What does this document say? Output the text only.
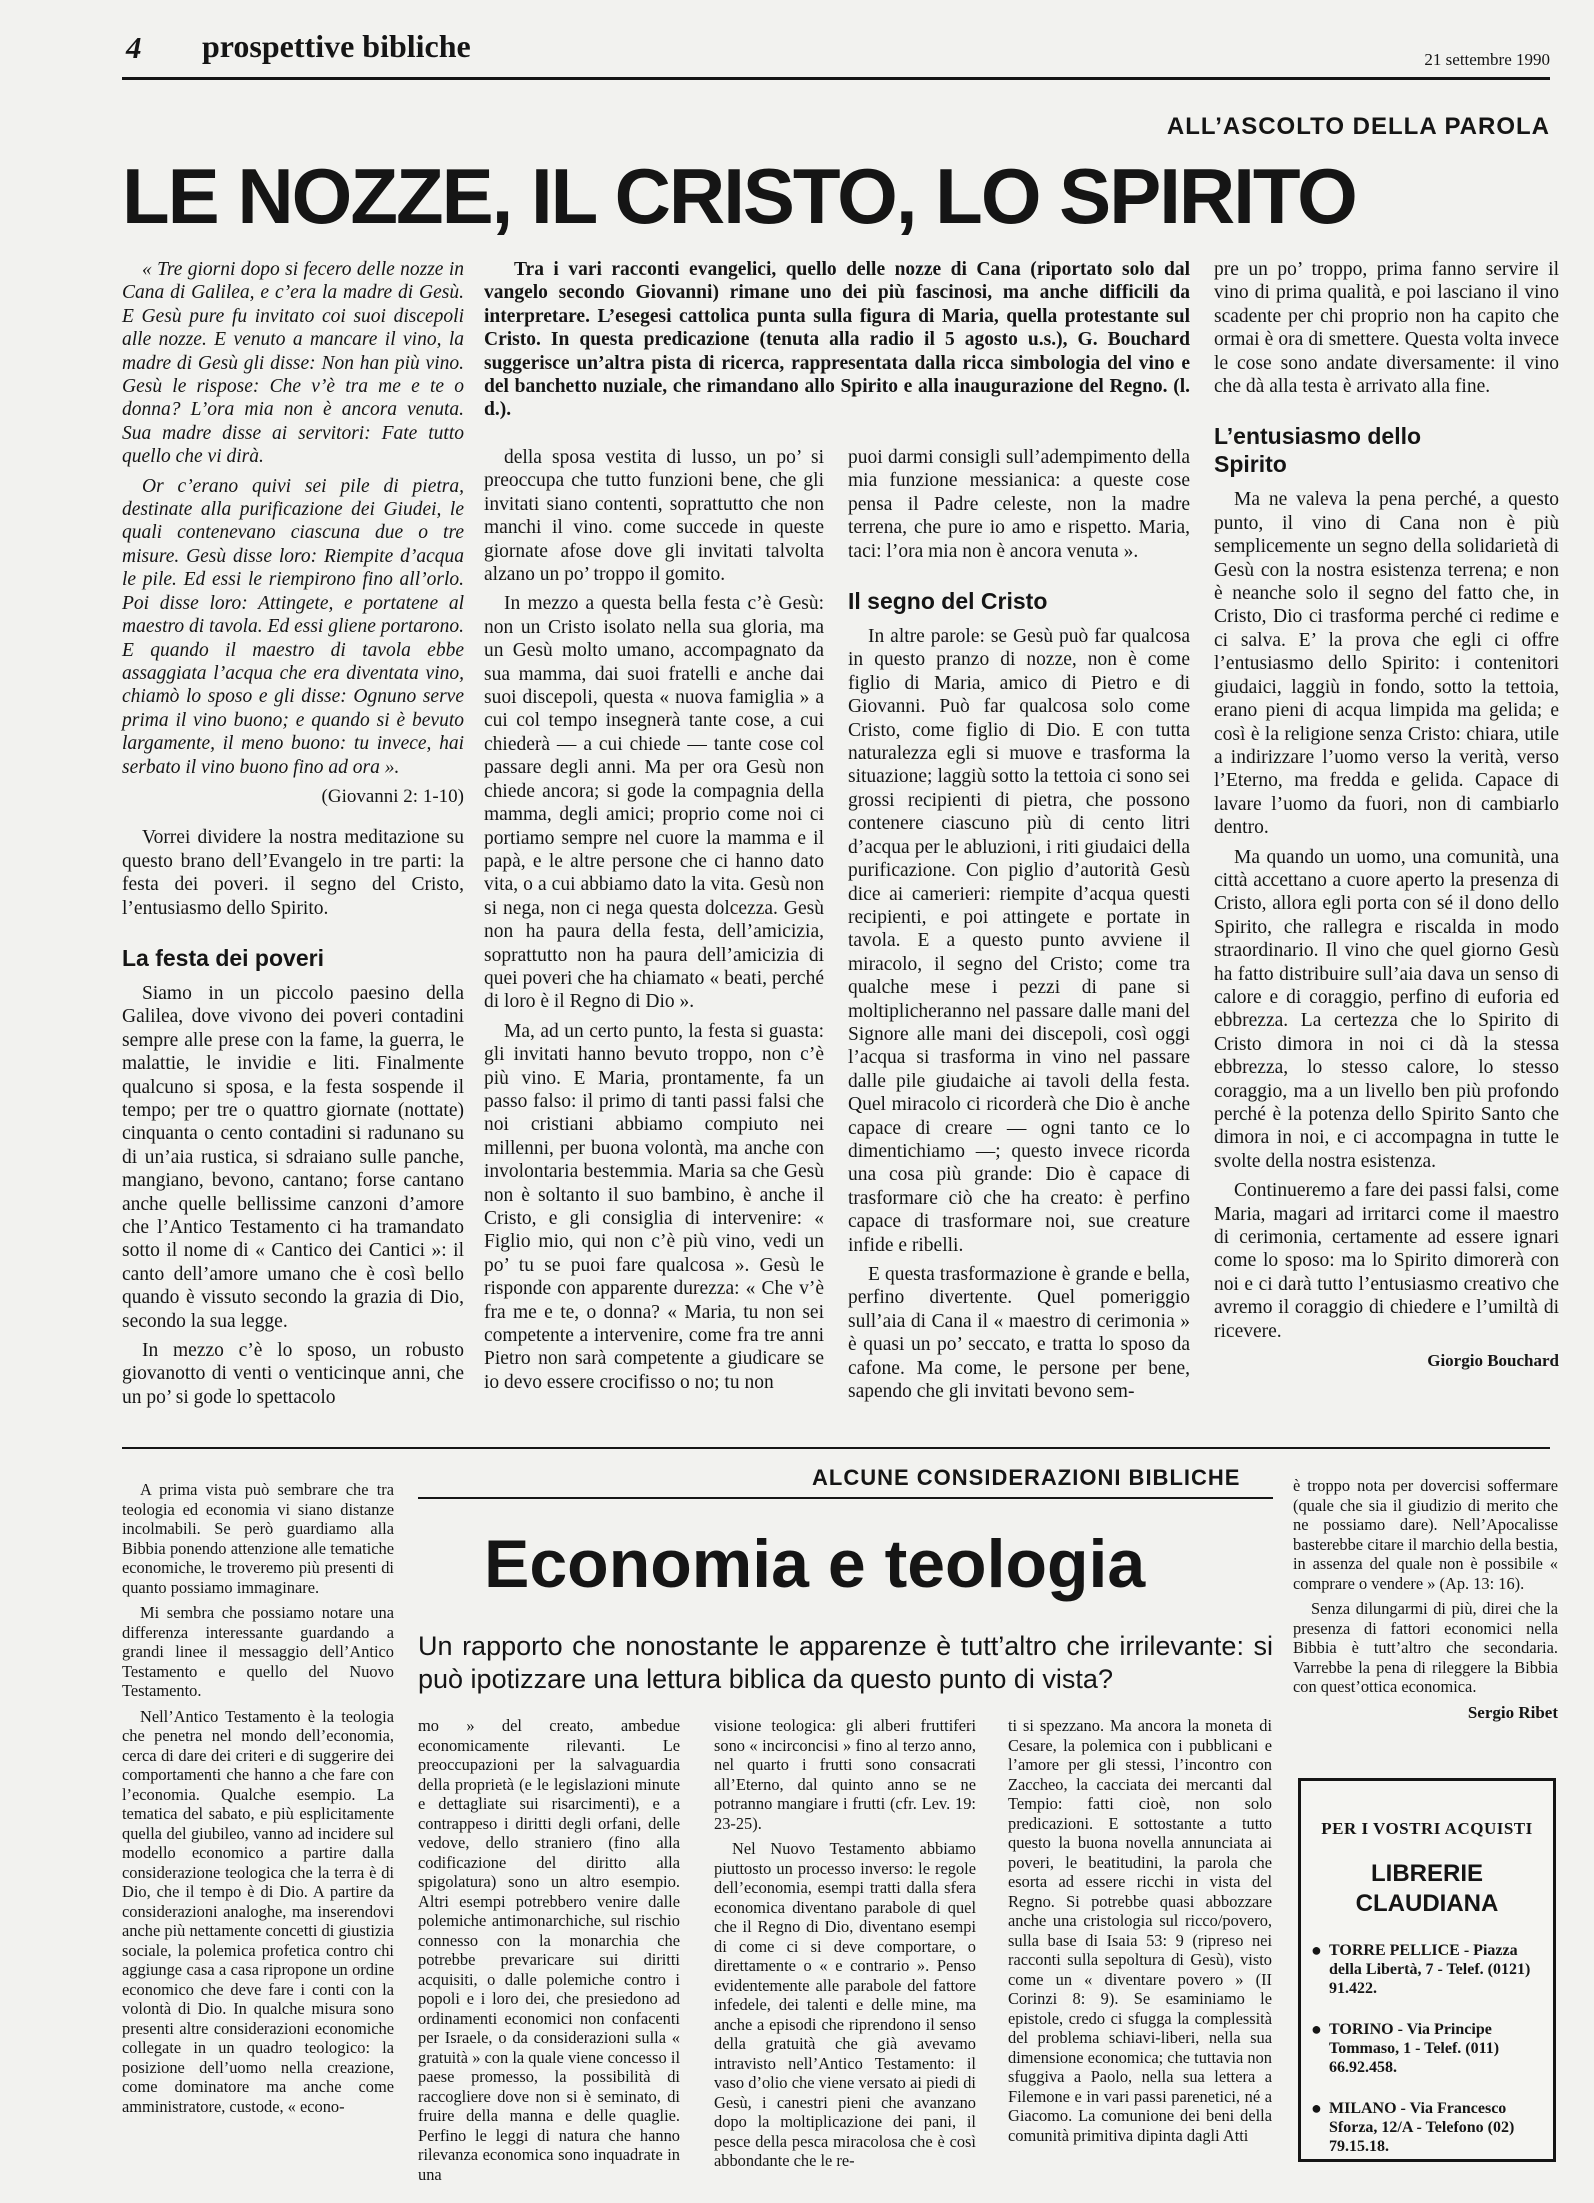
4 prospettive bibliche	21 settembre 1990
ALL’ASCOLTO DELLA PAROLA
LE NOZZE, IL CRISTO, LO SPIRITO

« Tre giorni dopo si fecero delle nozze in Cana di Galilea, e c’era la madre di Gesù. E Gesù pure fu invitato coi suoi discepoli alle nozze. E venuto a mancare il vino, la madre di Gesù gli disse: Non han più vino. Gesù le rispose: Che v’è tra me e te o donna? L’ora mia non è ancora venuta. Sua madre disse ai servitori: Fate tutto quello che vi dirà.

Or c’erano quivi sei pile di pietra, destinate alla purificazione dei Giudei, le quali contenevano ciascuna due o tre misure. Gesù disse loro: Riempite d’acqua le pile. Ed essi le riempirono fino all’orlo. Poi disse loro: Attingete, e portatene al maestro di tavola. Ed essi gliene portarono. E quando il maestro di tavola ebbe assaggiata l’acqua che era diventata vino, chiamò lo sposo e gli disse: Ognuno serve prima il vino buono; e quando si è bevuto largamente, il meno buono: tu invece, hai serbato il vino buono fino ad ora ».

(Giovanni 2: 1-10)

Vorrei dividere la nostra meditazione su questo brano dell’Evangelo in tre parti: la festa dei poveri. il segno del Cristo, l’entusiasmo dello Spirito.

La festa dei poveri

Siamo in un piccolo paesino della Galilea, dove vivono dei poveri contadini sempre alle prese con la fame, la guerra, le malattie, le invidie e liti. Finalmente qualcuno si sposa, e la festa sospende il tempo; per tre o quattro giornate (nottate) cinquanta o cento contadini si radunano su di un’aia rustica, si sdraiano sulle panche, mangiano, bevono, cantano; forse cantano anche quelle bellissime canzoni d’amore che l’Antico Testamento ci ha tramandato sotto il nome di « Cantico dei Cantici »: il canto dell’amore umano che è così bello quando è vissuto secondo la grazia di Dio, secondo la sua legge.

In mezzo c’è lo sposo, un robusto giovanotto di venti o venticinque anni, che un po’ si gode lo spettacolo

Tra i vari racconti evangelici, quello delle nozze di Cana (riportato solo dal vangelo secondo Giovanni) rimane uno dei più fascinosi, ma anche difficili da interpretare. L’esegesi cattolica punta sulla figura di Maria, quella protestante sul Cristo. In questa predicazione (tenuta alla radio il 5 agosto u.s.), G. Bouchard suggerisce un’altra pista di ricerca, rappresentata dalla ricca simbologia del vino e del banchetto nuziale, che rimandano allo Spirito e alla inaugurazione del Regno. (l. d.).

della sposa vestita di lusso, un po’ si preoccupa che tutto funzioni bene, che gli invitati siano contenti, soprattutto che non manchi il vino. come succede in queste giornate afose dove gli invitati talvolta alzano un po’ troppo il gomito.

In mezzo a questa bella festa c’è Gesù: non un Cristo isolato nella sua gloria, ma un Gesù molto umano, accompagnato da sua mamma, dai suoi fratelli e anche dai suoi discepoli, questa « nuova famiglia » a cui col tempo insegnerà tante cose, a cui chiederà — a cui chiede — tante cose col passare degli anni. Ma per ora Gesù non chiede ancora; si gode la compagnia della mamma, degli amici; proprio come noi ci portiamo sempre nel cuore la mamma e il papà, e le altre persone che ci hanno dato vita, o a cui abbiamo dato la vita. Gesù non si nega, non ci nega questa dolcezza. Gesù non ha paura della festa, dell’amicizia, soprattutto non ha paura dell’amicizia di quei poveri che ha chiamato « beati, perché di loro è il Regno di Dio ».

Ma, ad un certo punto, la festa si guasta: gli invitati hanno bevuto troppo, non c’è più vino. E Maria, prontamente, fa un passo falso: il primo di tanti passi falsi che noi cristiani abbiamo compiuto nei millenni, per buona volontà, ma anche con involontaria bestemmia. Maria sa che Gesù non è soltanto il suo bambino, è anche il Cristo, e gli consiglia di intervenire: « Figlio mio, qui non c’è più vino, vedi un po’ tu se puoi fare qualcosa ». Gesù le risponde con apparente durezza: « Che v’è fra me e te, o donna? « Maria, tu non sei competente a intervenire, come fra tre anni Pietro non sarà competente a giudicare se io devo essere crocifisso o no; tu non

puoi darmi consigli sull’adempimento della mia funzione messianica: a queste cose pensa il Padre celeste, non la madre terrena, che pure io amo e rispetto. Maria, taci: l’ora mia non è ancora venuta ».

Il segno del Cristo

In altre parole: se Gesù può far qualcosa in questo pranzo di nozze, non è come figlio di Maria, amico di Pietro e di Giovanni. Può far qualcosa solo come Cristo, come figlio di Dio. E con tutta naturalezza egli si muove e trasforma la situazione; laggiù sotto la tettoia ci sono sei grossi recipienti di pietra, che possono contenere ciascuno più di cento litri d’acqua per le abluzioni, i riti giudaici della purificazione. Con piglio d’autorità Gesù dice ai camerieri: riempite d’acqua questi recipienti, e poi attingete e portate in tavola. E a questo punto avviene il miracolo, il segno del Cristo; come tra qualche mese i pezzi di pane si moltiplicheranno nel passare dalle mani del Signore alle mani dei discepoli, così oggi l’acqua si trasforma in vino nel passare dalle pile giudaiche ai tavoli della festa. Quel miracolo ci ricorderà che Dio è anche capace di creare — ogni tanto ce lo dimentichiamo —; questo invece ricorda una cosa più grande: Dio è capace di trasformare ciò che ha creato: è perfino capace di trasformare noi, sue creature infide e ribelli.

E questa trasformazione è grande e bella, perfino divertente. Quel pomeriggio sull’aia di Cana il « maestro di cerimonia » è quasi un po’ seccato, e tratta lo sposo da cafone. Ma come, le persone per bene, sapendo che gli invitati bevono sem-

pre un po’ troppo, prima fanno servire il vino di prima qualità, e poi lasciano il vino scadente per chi proprio non ha capito che ormai è ora di smettere. Questa volta invece le cose sono andate diversamente: il vino che dà alla testa è arrivato alla fine.

L’entusiasmo dello Spirito

Ma ne valeva la pena perché, a questo punto, il vino di Cana non è più semplicemente un segno della solidarietà di Gesù con la nostra esistenza terrena; e non è neanche solo il segno del fatto che, in Cristo, Dio ci trasforma perché ci redime e ci salva. E’ la prova che egli ci offre l’entusiasmo dello Spirito: i contenitori giudaici, laggiù in fondo, sotto la tettoia, erano pieni di acqua limpida ma gelida; e così è la religione senza Cristo: chiara, utile a indirizzare l’uomo verso la verità, verso l’Eterno, ma fredda e gelida. Capace di lavare l’uomo da fuori, non di cambiarlo dentro.

Ma quando un uomo, una comunità, una città accettano a cuore aperto la presenza di Cristo, allora egli porta con sé il dono dello Spirito, che rallegra e riscalda in modo straordinario. Il vino che quel giorno Gesù ha fatto distribuire sull’aia dava un senso di calore e di coraggio, perfino di euforia ed ebbrezza. La certezza che lo Spirito di Cristo dimora in noi ci dà la stessa ebbrezza, lo stesso calore, lo stesso coraggio, ma a un livello ben più profondo perché è la potenza dello Spirito Santo che dimora in noi, e ci accompagna in tutte le svolte della nostra esistenza.

Continueremo a fare dei passi falsi, come Maria, magari ad irritarci come il maestro di cerimonia, certamente ad essere ignari come lo sposo: ma lo Spirito dimorerà con noi e ci darà tutto l’entusiasmo creativo che avremo il coraggio di chiedere e l’umiltà di ricevere.

Giorgio Bouchard
ALCUNE CONSIDERAZIONI BIBLICHE
Economia e teologia
Un rapporto che nonostante le apparenze è tutt’altro che irrilevante: si può ipotizzare una lettura biblica da questo punto di vista?

A prima vista può sembrare che tra teologia ed economia vi siano distanze incolmabili. Se però guardiamo alla Bibbia ponendo attenzione alle tematiche economiche, le troveremo più presenti di quanto possiamo immaginare.

Mi sembra che possiamo notare una differenza interessante guardando a grandi linee il messaggio dell’Antico Testamento e quello del Nuovo Testamento.

Nell’Antico Testamento è la teologia che penetra nel mondo dell’economia, cerca di dare dei criteri e di suggerire dei comportamenti che hanno a che fare con l’economia. Qualche esempio. La tematica del sabato, e più esplicitamente quella del giubileo, vanno ad incidere sul modello economico a partire dalla considerazione teologica che la terra è di Dio, che il tempo è di Dio. A partire da considerazioni analoghe, ma inserendovi anche più nettamente concetti di giustizia sociale, la polemica profetica contro chi aggiunge casa a casa ripropone un ordine economico che deve fare i conti con la volontà di Dio. In qualche misura sono presenti altre considerazioni economiche collegate in un quadro teologico: la posizione dell’uomo nella creazione, come dominatore ma anche come amministratore, custode, « econo-

mo » del creato, ambedue economicamente rilevanti. Le preoccupazioni per la salvaguardia della proprietà (e le legislazioni minute e dettagliate sui risarcimenti), e a contrappeso i diritti degli orfani, delle vedove, dello straniero (fino alla codificazione del diritto alla spigolatura) sono un altro esempio. Altri esempi potrebbero venire dalle polemiche antimonarchiche, sul rischio connesso con la monarchia che potrebbe prevaricare sui diritti acquisiti, o dalle polemiche contro i popoli e i loro dei, che presiedono ad ordinamenti economici non confacenti per Israele, o da considerazioni sulla « gratuità » con la quale viene concesso il paese promesso, la possibilità di raccogliere dove non si è seminato, di fruire della manna e delle quaglie. Perfino le leggi di natura che hanno rilevanza economica sono inquadrate in una

visione teologica: gli alberi fruttiferi sono « incirconcisi » fino al terzo anno, nel quarto i frutti sono consacrati all’Eterno, dal quinto anno se ne potranno mangiare i frutti (cfr. Lev. 19: 23-25).

Nel Nuovo Testamento abbiamo piuttosto un processo inverso: le regole dell’economia, esempi tratti dalla sfera economica diventano parabole di quel che il Regno di Dio, diventano esempi di come ci si deve comportare, o direttamente o « e contrario ». Penso evidentemente alle parabole del fattore infedele, dei talenti e delle mine, ma anche a episodi che riprendono il senso della gratuità che già avevamo intravisto nell’Antico Testamento: il vaso d’olio che viene versato ai piedi di Gesù, i canestri pieni che avanzano dopo la moltiplicazione dei pani, il pesce della pesca miracolosa che è così abbondante che le re-

ti si spezzano. Ma ancora la moneta di Cesare, la polemica con i pubblicani e l’amore per gli stessi, l’incontro con Zaccheo, la cacciata dei mercanti dal Tempio: fatti cioè, non solo predicazioni. E sottostante a tutto questo la buona novella annunciata ai poveri, le beatitudini, la parola che esorta ad essere ricchi in vista del Regno. Si potrebbe quasi abbozzare anche una cristologia sul ricco/povero, sulla base di Isaia 53: 9 (ripreso nei racconti sulla sepoltura di Gesù), visto come un « diventare povero » (II Corinzi 8: 9). Se esaminiamo le epistole, credo ci sfugga la complessità del problema schiavi-liberi, nella sua dimensione economica; che tuttavia non sfuggiva a Paolo, nella sua lettera a Filemone e in vari passi parenetici, né a Giacomo. La comunione dei beni della comunità primitiva dipinta dagli Atti

è troppo nota per dovercisi soffermare (quale che sia il giudizio di merito che ne possiamo dare). Nell’Apocalisse basterebbe citare il marchio della bestia, in assenza del quale non è possibile « comprare o vendere » (Ap. 13: 16).

Senza dilungarmi di più, direi che la presenza di fattori economici nella Bibbia è tutt’altro che secondaria. Varrebbe la pena di rileggere la Bibbia con quest’ottica economica.

Sergio Ribet
PER I VOSTRI ACQUISTI
LIBRERIE CLAUDIANA
● TORRE PELLICE - Piazza della Libertà, 7 - Telef. (0121) 91.422.
● TORINO - Via Principe Tommaso, 1 - Telef. (011) 66.92.458.
● MILANO - Via Francesco Sforza, 12/A - Telefono (02) 79.15.18.
